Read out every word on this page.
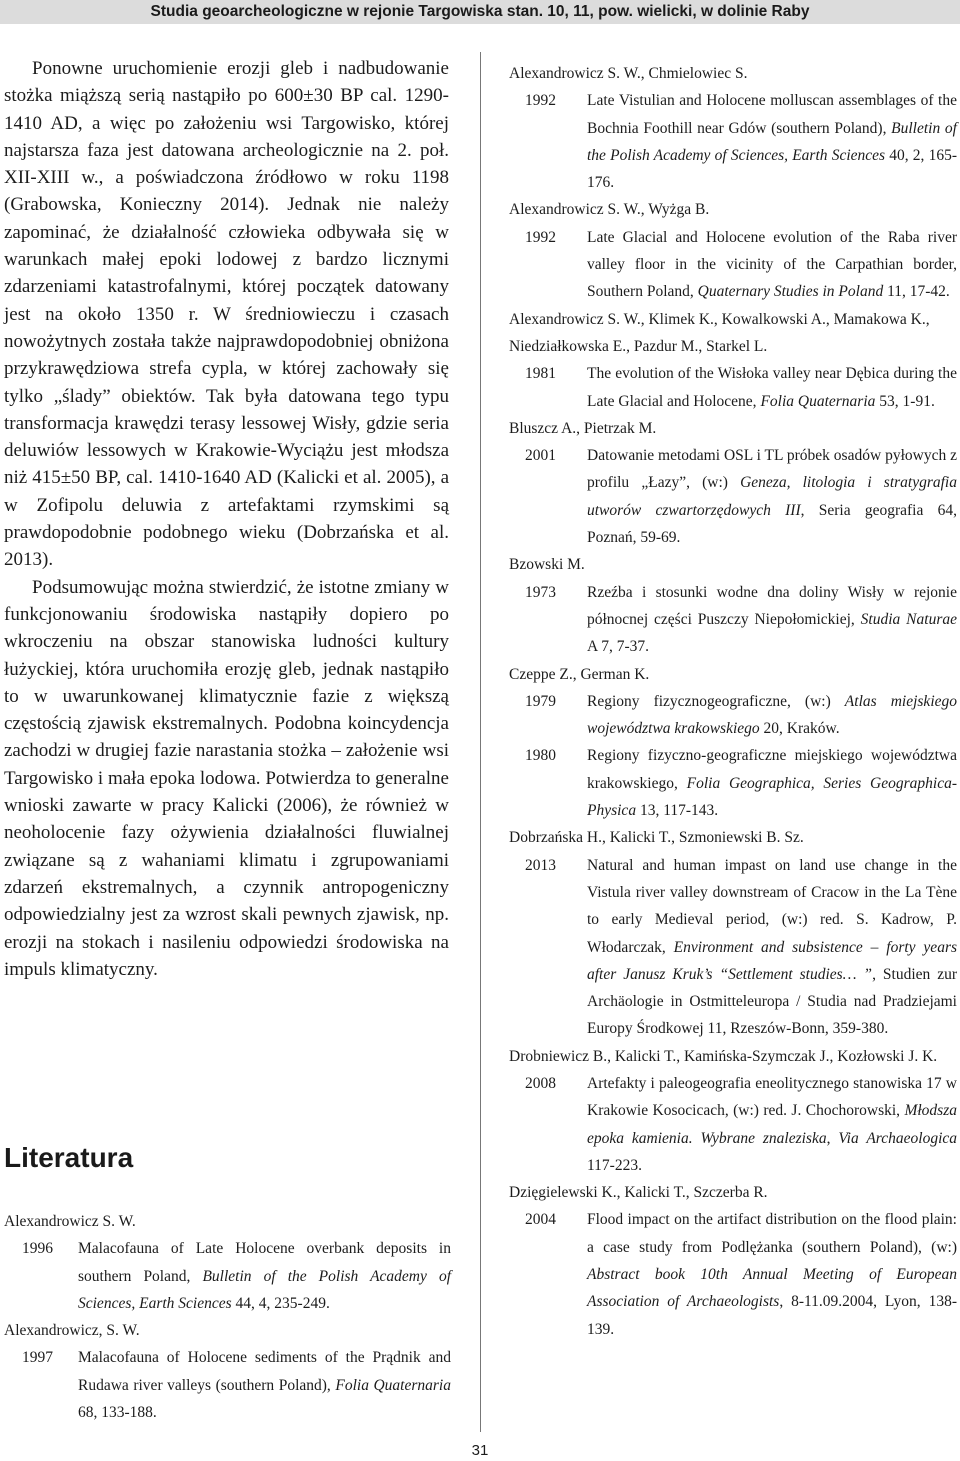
Studia geoarcheologiczne w rejonie Targowiska stan. 10, 11, pow. wielicki, w dolinie Raby

Ponowne uruchomienie erozji gleb i nadbudowanie stożka miąższą serią nastąpiło po 600±30 BP cal. 1290-1410 AD, a więc po założeniu wsi Targowisko, której najstarsza faza jest datowana archeologicznie na 2. poł. XII-XIII w., a poświadczona źródłowo w roku 1198 (Grabowska, Konieczny 2014). Jednak nie należy zapominać, że działalność człowieka odbywała się w warunkach małej epoki lodowej z bardzo licznymi zdarzeniami katastrofalnymi, której początek datowany jest na około 1350 r. W średniowieczu i czasach nowożytnych została także najprawdopodobniej obniżona przykrawędziowa strefa cypla, w której zachowały się tylko „ślady” obiektów. Tak była datowana tego typu transformacja krawędzi terasy lessowej Wisły, gdzie seria deluwiów lessowych w Krakowie-Wyciążu jest młodsza niż 415±50 BP, cal. 1410-1640 AD (Kalicki et al. 2005), a w Zofipolu deluwia z artefaktami rzymskimi są prawdopodobnie podobnego wieku (Dobrzańska et al. 2013).

Podsumowując można stwierdzić, że istotne zmiany w funkcjonowaniu środowiska nastąpiły dopiero po wkroczeniu na obszar stanowiska ludności kultury łużyckiej, która uruchomiła erozję gleb, jednak nastąpiło to w uwarunkowanej klimatycznie fazie z większą częstością zjawisk ekstremalnych. Podobna koincydencja zachodzi w drugiej fazie narastania stożka – założenie wsi Targowisko i mała epoka lodowa. Potwierdza to generalne wnioski zawarte w pracy Kalicki (2006), że również w neoholocenie fazy ożywienia działalności fluwialnej związane są z wahaniami klimatu i zgrupowaniami zdarzeń ekstremalnych, a czynnik antropogeniczny odpowiedzialny jest za wzrost skali pewnych zjawisk, np. erozji na stokach i nasileniu odpowiedzi środowiska na impuls klimatyczny.

Literatura
Alexandrowicz S. W.
1996	Malacofauna of Late Holocene overbank deposits in southern Poland, Bulletin of the Polish Academy of Sciences, Earth Sciences 44, 4, 235-249.
Alexandrowicz, S. W.
1997	Malacofauna of Holocene sediments of the Prądnik and Rudawa river valleys (southern Poland), Folia Quaternaria 68, 133-188.
Alexandrowicz S. W., Chmielowiec S.
1992	Late Vistulian and Holocene molluscan assemblages of the Bochnia Foothill near Gdów (southern Poland), Bulletin of the Polish Academy of Sciences, Earth Sciences 40, 2, 165-176.
Alexandrowicz S. W., Wyżga B.
1992	Late Glacial and Holocene evolution of the Raba river valley floor in the vicinity of the Carpathian border, Southern Poland, Quaternary Studies in Poland 11, 17-42.
Alexandrowicz S. W., Klimek K., Kowalkowski A., Mamakowa K., Niedziałkowska E., Pazdur M., Starkel L.
1981	The evolution of the Wisłoka valley near Dębica during the Late Glacial and Holocene, Folia Quaternaria 53, 1-91.
Bluszcz A., Pietrzak M.
2001	Datowanie metodami OSL i TL próbek osadów pyłowych z profilu „Łazy”, (w:) Geneza, litologia i stratygrafia utworów czwartorzędowych III, Seria geografia 64, Poznań, 59-69.
Bzowski M.
1973	Rzeźba i stosunki wodne dna doliny Wisły w rejonie północnej części Puszczy Niepołomickiej, Studia Naturae A 7, 7-37.
Czeppe Z., German K.
1979	Regiony fizycznogeograficzne, (w:) Atlas miejskiego województwa krakowskiego 20, Kraków.
1980	Regiony fizyczno-geograficzne miejskiego województwa krakowskiego, Folia Geographica, Series Geographica-Physica 13, 117-143.
Dobrzańska H., Kalicki T., Szmoniewski B. Sz.
2013	Natural and human impast on land use change in the Vistula river valley downstream of Cracow in the La Tène to early Medieval period, (w:) red. S. Kadrow, P. Włodarczak, Environment and subsistence – forty years after Janusz Kruk’s “Settlement studies… ”, Studien zur Archäologie in Ostmitteleuropa / Studia nad Pradziejami Europy Środkowej 11, Rzeszów-Bonn, 359-380.
Drobniewicz B., Kalicki T., Kamińska-Szymczak J., Kozłowski J. K.
2008	Artefakty i paleogeografia eneolitycznego stanowiska 17 w Krakowie Kosocicach, (w:) red. J. Chochorowski, Młodsza epoka kamienia. Wybrane znaleziska, Via Archaeologica 117-223.
Dzięgielewski K., Kalicki T., Szczerba R.
2004	Flood impact on the artifact distribution on the flood plain: a case study from Podlężanka (southern Poland), (w:) Abstract book 10th Annual Meeting of European Association of Archaeologists, 8-11.09.2004, Lyon, 138-139.
31
